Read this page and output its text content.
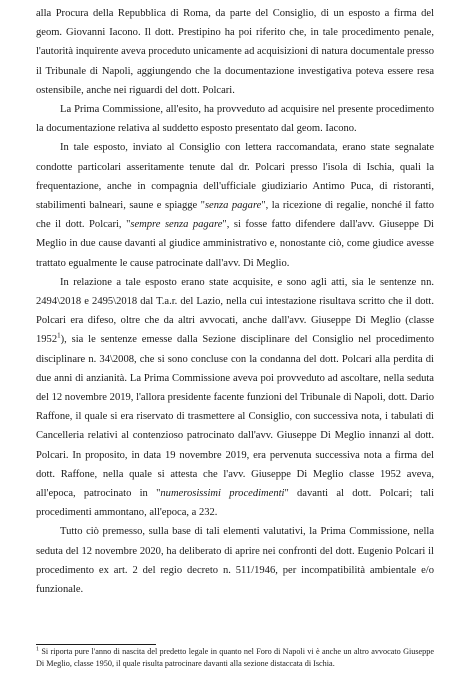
alla Procura della Repubblica di Roma, da parte del Consiglio, di un esposto a firma del geom. Giovanni Iacono. Il dott. Prestipino ha poi riferito che, in tale procedimento penale, l'autorità inquirente aveva proceduto unicamente ad acquisizioni di natura documentale presso il Tribunale di Napoli, aggiungendo che la documentazione investigativa poteva essere resa ostensibile, anche nei riguardi del dott. Polcari.

La Prima Commissione, all'esito, ha provveduto ad acquisire nel presente procedimento la documentazione relativa al suddetto esposto presentato dal geom. Iacono.

In tale esposto, inviato al Consiglio con lettera raccomandata, erano state segnalate condotte particolari asseritamente tenute dal dr. Polcari presso l'isola di Ischia, quali la frequentazione, anche in compagnia dell'ufficiale giudiziario Antimo Puca, di ristoranti, stabilimenti balneari, saune e spiagge "senza pagare", la ricezione di regalie, nonché il fatto che il dott. Polcari, "sempre senza pagare", si fosse fatto difendere dall'avv. Giuseppe Di Meglio in due cause davanti al giudice amministrativo e, nonostante ciò, come giudice avesse trattato egualmente le cause patrocinate dall'avv. Di Meglio.

In relazione a tale esposto erano state acquisite, e sono agli atti, sia le sentenze nn. 2494\2018 e 2495\2018 dal T.a.r. del Lazio, nella cui intestazione risultava scritto che il dott. Polcari era difeso, oltre che da altri avvocati, anche dall'avv. Giuseppe Di Meglio (classe 1952$^1$), sia le sentenze emesse dalla Sezione disciplinare del Consiglio nel procedimento disciplinare n. 34\2008, che si sono concluse con la condanna del dott. Polcari alla perdita di due anni di anzianità. La Prima Commissione aveva poi provveduto ad ascoltare, nella seduta del 12 novembre 2019, l'allora presidente facente funzioni del Tribunale di Napoli, dott. Dario Raffone, il quale si era riservato di trasmettere al Consiglio, con successiva nota, i tabulati di Cancelleria relativi al contenzioso patrocinato dall'avv. Giuseppe Di Meglio innanzi al dott. Polcari. In proposito, in data 19 novembre 2019, era pervenuta successiva nota a firma del dott. Raffone, nella quale si attesta che l'avv. Giuseppe Di Meglio classe 1952 aveva, all'epoca, patrocinato in "numerosissimi procedimenti" davanti al dott. Polcari; tali procedimenti ammontano, all'epoca, a 232.

Tutto ciò premesso, sulla base di tali elementi valutativi, la Prima Commissione, nella seduta del 12 novembre 2020, ha deliberato di aprire nei confronti del dott. Eugenio Polcari il procedimento ex art. 2 del regio decreto n. 511/1946, per incompatibilità ambientale e/o funzionale.

$^1$ Si riporta pure l'anno di nascita del predetto legale in quanto nel Foro di Napoli vi è anche un altro avvocato Giuseppe Di Meglio, classe 1950, il quale risulta patrocinare davanti alla sezione distaccata di Ischia.
